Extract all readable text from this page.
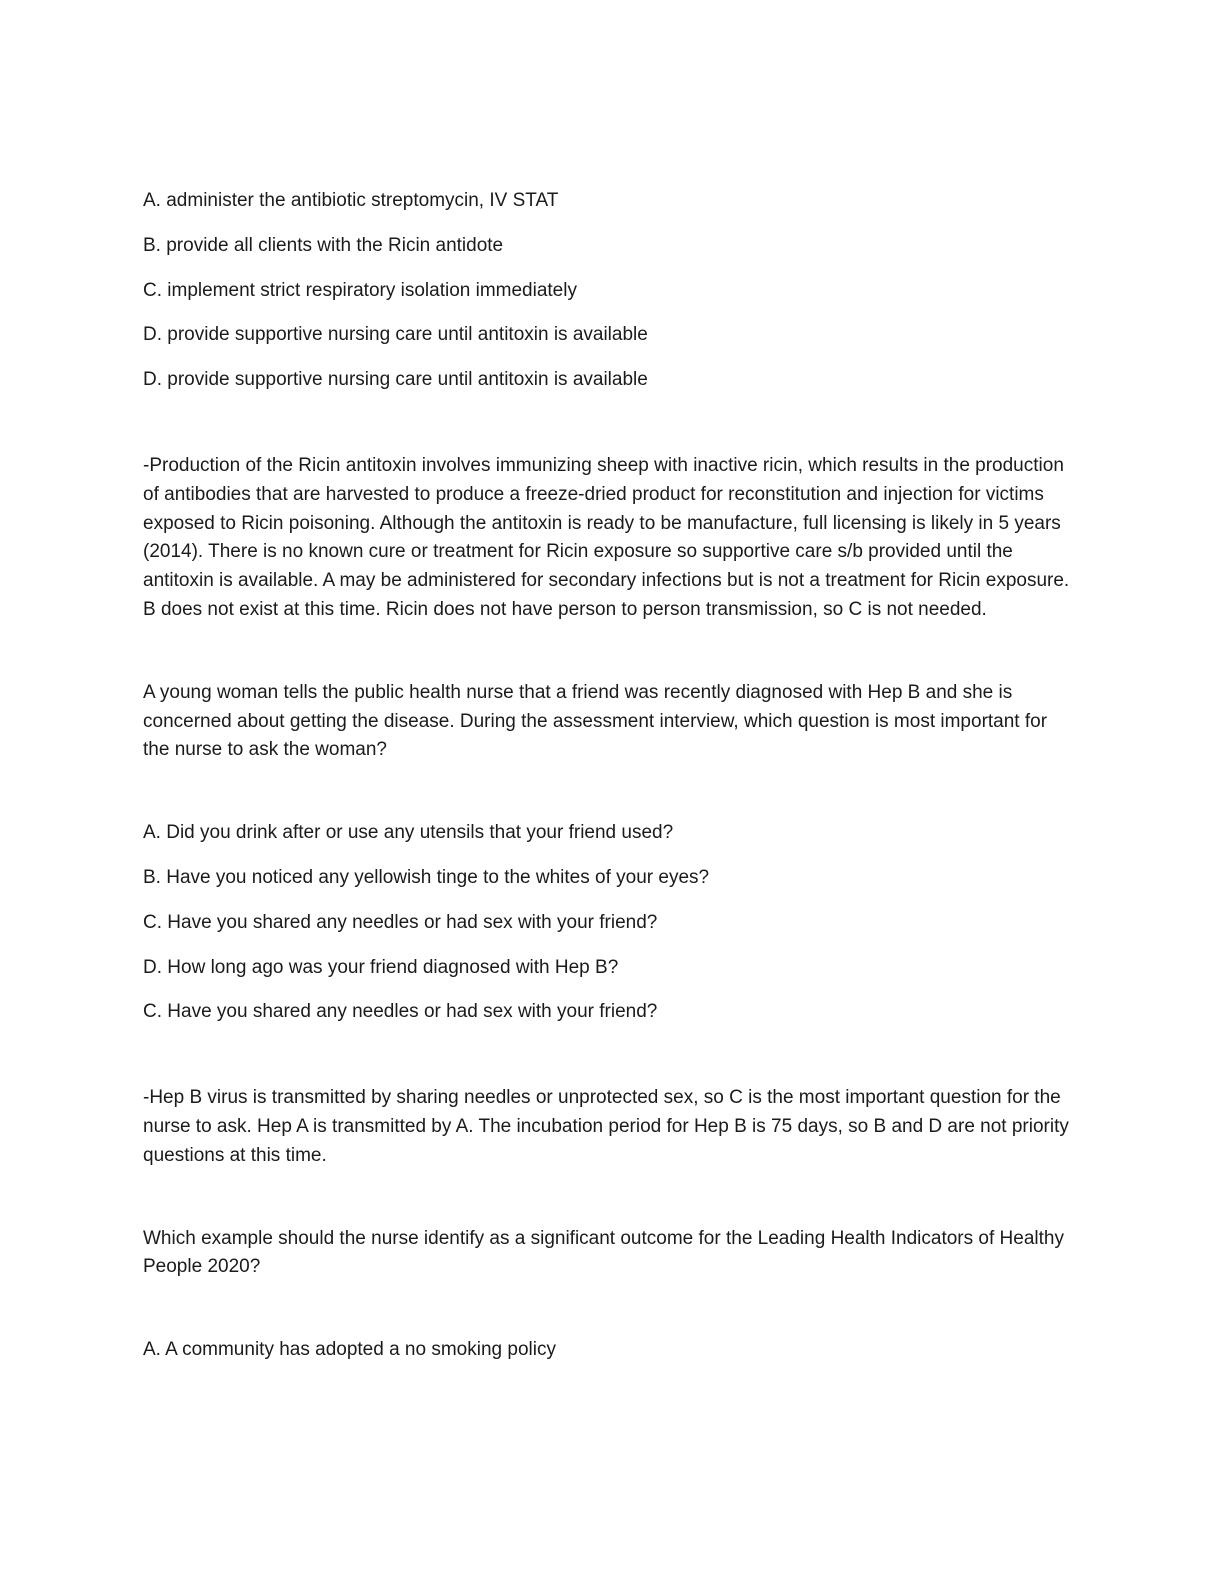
A. administer the antibiotic streptomycin, IV STAT

B. provide all clients with the Ricin antidote

C. implement strict respiratory isolation immediately

D. provide supportive nursing care until antitoxin is available

D. provide supportive nursing care until antitoxin is available

-Production of the Ricin antitoxin involves immunizing sheep with inactive ricin, which results in the production of antibodies that are harvested to produce a freeze-dried product for reconstitution and injection for victims exposed to Ricin poisoning. Although the antitoxin is ready to be manufacture, full licensing is likely in 5 years (2014). There is no known cure or treatment for Ricin exposure so supportive care s/b provided until the antitoxin is available. A may be administered for secondary infections but is not a treatment for Ricin exposure. B does not exist at this time. Ricin does not have person to person transmission, so C is not needed.

A young woman tells the public health nurse that a friend was recently diagnosed with Hep B and she is concerned about getting the disease. During the assessment interview, which question is most important for the nurse to ask the woman?

A. Did you drink after or use any utensils that your friend used?

B. Have you noticed any yellowish tinge to the whites of your eyes?

C. Have you shared any needles or had sex with your friend?

D. How long ago was your friend diagnosed with Hep B?

C. Have you shared any needles or had sex with your friend?

-Hep B virus is transmitted by sharing needles or unprotected sex, so C is the most important question for the nurse to ask. Hep A is transmitted by A. The incubation period for Hep B is 75 days, so B and D are not priority questions at this time.

Which example should the nurse identify as a significant outcome for the Leading Health Indicators of Healthy People 2020?

A. A community has adopted a no smoking policy
